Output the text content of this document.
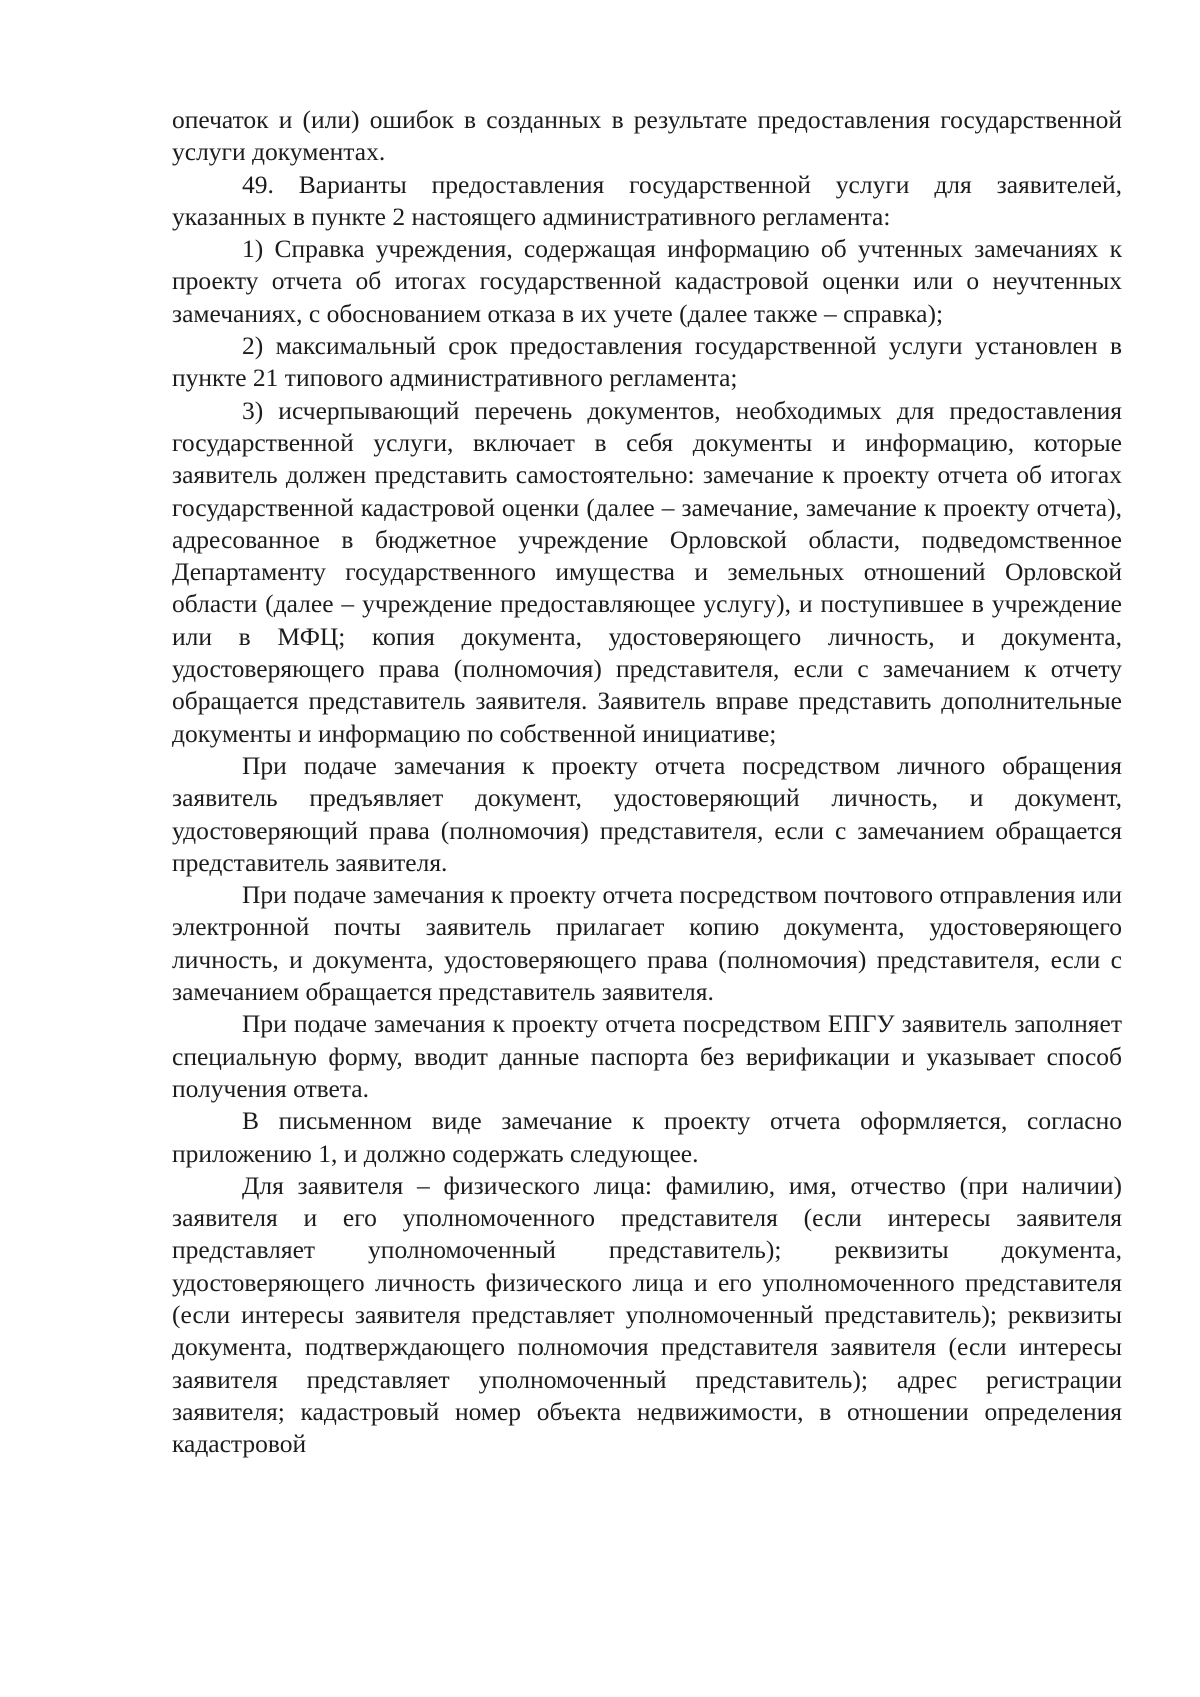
опечаток и (или) ошибок в созданных в результате предоставления государственной услуги документах.

49. Варианты предоставления государственной услуги для заявителей, указанных в пункте 2 настоящего административного регламента:

1) Справка учреждения, содержащая информацию об учтенных замечаниях к проекту отчета об итогах государственной кадастровой оценки или о неучтенных замечаниях, с обоснованием отказа в их учете (далее также – справка);

2) максимальный срок предоставления государственной услуги установлен в пункте 21 типового административного регламента;

3) исчерпывающий перечень документов, необходимых для предоставления государственной услуги, включает в себя документы и информацию, которые заявитель должен представить самостоятельно: замечание к проекту отчета об итогах государственной кадастровой оценки (далее – замечание, замечание к проекту отчета), адресованное в бюджетное учреждение Орловской области, подведомственное Департаменту государственного имущества и земельных отношений Орловской области (далее – учреждение предоставляющее услугу), и поступившее в учреждение или в МФЦ; копия документа, удостоверяющего личность, и документа, удостоверяющего права (полномочия) представителя, если с замечанием к отчету обращается представитель заявителя. Заявитель вправе представить дополнительные документы и информацию по собственной инициативе;

При подаче замечания к проекту отчета посредством личного обращения заявитель предъявляет документ, удостоверяющий личность, и документ, удостоверяющий права (полномочия) представителя, если с замечанием обращается представитель заявителя.

При подаче замечания к проекту отчета посредством почтового отправления или электронной почты заявитель прилагает копию документа, удостоверяющего личность, и документа, удостоверяющего права (полномочия) представителя, если с замечанием обращается представитель заявителя.

При подаче замечания к проекту отчета посредством ЕПГУ заявитель заполняет специальную форму, вводит данные паспорта без верификации и указывает способ получения ответа.

В письменном виде замечание к проекту отчета оформляется, согласно приложению 1, и должно содержать следующее.

Для заявителя – физического лица: фамилию, имя, отчество (при наличии) заявителя и его уполномоченного представителя (если интересы заявителя представляет уполномоченный представитель); реквизиты документа, удостоверяющего личность физического лица и его уполномоченного представителя (если интересы заявителя представляет уполномоченный представитель); реквизиты документа, подтверждающего полномочия представителя заявителя (если интересы заявителя представляет уполномоченный представитель); адрес регистрации заявителя; кадастровый номер объекта недвижимости, в отношении определения кадастровой
